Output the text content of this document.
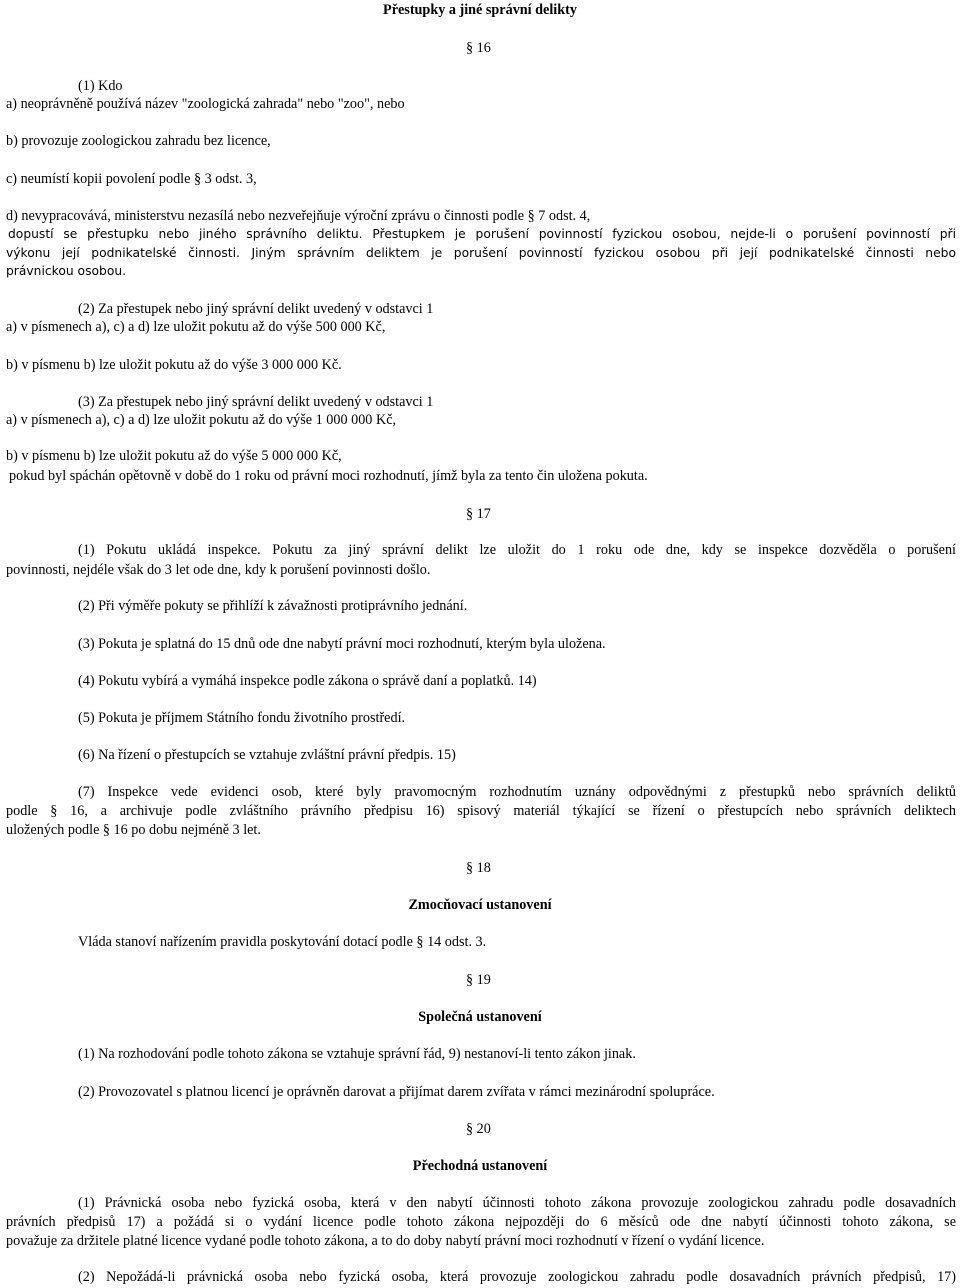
Přestupky a jiné správní delikty
§ 16
(1) Kdo
a) neoprávněně používá název "zoologická zahrada" nebo "zoo", nebo
b) provozuje zoologickou zahradu bez licence,
c) neumístí kopii povolení podle § 3 odst. 3,
d) nevypracovává, ministerstvu nezasílá nebo nezveřejňuje výroční zprávu o činnosti podle § 7 odst. 4,
dopustí se přestupku nebo jiného správního deliktu. Přestupkem je porušení povinností fyzickou osobou, nejde-li o porušení povinností při
výkonu její podnikatelské činnosti. Jiným správním deliktem je porušení povinností fyzickou osobou při její podnikatelské činnosti nebo
právnickou osobou.
(2) Za přestupek nebo jiný správní delikt uvedený v odstavci 1
a) v písmenech a), c) a d) lze uložit pokutu až do výše 500 000 Kč,
b) v písmenu b) lze uložit pokutu až do výše 3 000 000 Kč.
(3) Za přestupek nebo jiný správní delikt uvedený v odstavci 1
a) v písmenech a), c) a d) lze uložit pokutu až do výše 1 000 000 Kč,
b) v písmenu b) lze uložit pokutu až do výše 5 000 000 Kč,
pokud byl spáchán opětovně v době do 1 roku od právní moci rozhodnutí, jímž byla za tento čin uložena pokuta.
§ 17
(1) Pokutu ukládá inspekce. Pokutu za jiný správní delikt lze uložit do 1 roku ode dne, kdy se inspekce dozvěděla o porušení
povinnosti, nejdéle však do 3 let ode dne, kdy k porušení povinnosti došlo.
(2) Při výměře pokuty se přihlíží k závažnosti protiprávního jednání.
(3) Pokuta je splatná do 15 dnů ode dne nabytí právní moci rozhodnutí, kterým byla uložena.
(4) Pokutu vybírá a vymáhá inspekce podle zákona o správě daní a poplatků. 14)
(5) Pokuta je příjmem Státního fondu životního prostředí.
(6) Na řízení o přestupcích se vztahuje zvláštní právní předpis. 15)
(7) Inspekce vede evidenci osob, které byly pravomocným rozhodnutím uznány odpovědnými z přestupků nebo správních deliktů
podle § 16, a archivuje podle zvláštního právního předpisu 16) spisový materiál týkající se řízení o přestupcích nebo správních deliktech
uložených podle § 16 po dobu nejméně 3 let.
§ 18
Zmocňovací ustanovení
Vláda stanoví nařízením pravidla poskytování dotací podle § 14 odst. 3.
§ 19
Společná ustanovení
(1) Na rozhodování podle tohoto zákona se vztahuje správní řád, 9) nestanoví-li tento zákon jinak.
(2) Provozovatel s platnou licencí je oprávněn darovat a přijímat darem zvířata v rámci mezinárodní spolupráce.
§ 20
Přechodná ustanovení
(1) Právnická osoba nebo fyzická osoba, která v den nabytí účinnosti tohoto zákona provozuje zoologickou zahradu podle dosavadních
právních předpisů 17) a požádá si o vydání licence podle tohoto zákona nejpozději do 6 měsíců ode dne nabytí účinnosti tohoto zákona, se
považuje za držitele platné licence vydané podle tohoto zákona, a to do doby nabytí právní moci rozhodnutí v řízení o vydání licence.
(2) Nepožádá-li právnická osoba nebo fyzická osoba, která provozuje zoologickou zahradu podle dosavadních právních předpisů, 17)
